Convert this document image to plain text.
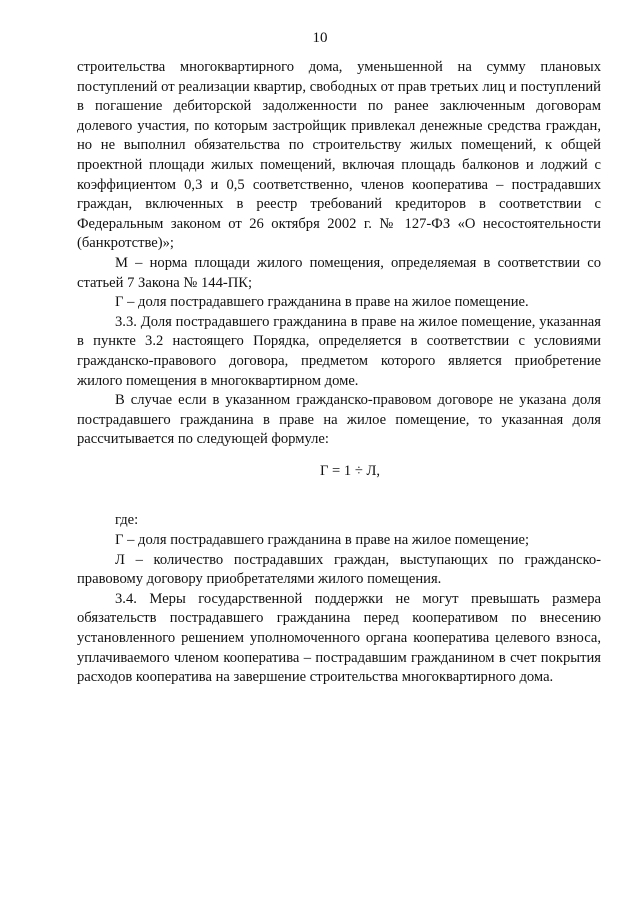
10

строительства многоквартирного дома, уменьшенной на сумму плановых поступлений от реализации квартир, свободных от прав третьих лиц и поступлений в погашение дебиторской задолженности по ранее заключенным договорам долевого участия, по которым застройщик привлекал денежные средства граждан, но не выполнил обязательства по строительству жилых помещений, к общей проектной площади жилых помещений, включая площадь балконов и лоджий с коэффициентом 0,3 и 0,5 соответственно, членов кооператива – пострадавших граждан, включенных в реестр требований кредиторов в соответствии с Федеральным законом от 26 октября 2002 г. № 127-ФЗ «О несостоятельности (банкротстве)»;

М – норма площади жилого помещения, определяемая в соответствии со статьей 7 Закона № 144-ПК;

Г – доля пострадавшего гражданина в праве на жилое помещение.

3.3. Доля пострадавшего гражданина в праве на жилое помещение, указанная в пункте 3.2 настоящего Порядка, определяется в соответствии с условиями гражданско-правового договора, предметом которого является приобретение жилого помещения в многоквартирном доме.

В случае если в указанном гражданско-правовом договоре не указана доля пострадавшего гражданина в праве на жилое помещение, то указанная доля рассчитывается по следующей формуле:

Г = 1 ÷ Л,

где:

Г – доля пострадавшего гражданина в праве на жилое помещение;

Л – количество пострадавших граждан, выступающих по гражданско-правовому договору приобретателями жилого помещения.

3.4. Меры государственной поддержки не могут превышать размера обязательств пострадавшего гражданина перед кооперативом по внесению установленного решением уполномоченного органа кооператива целевого взноса, уплачиваемого членом кооператива – пострадавшим гражданином в счет покрытия расходов кооператива на завершение строительства многоквартирного дома.
